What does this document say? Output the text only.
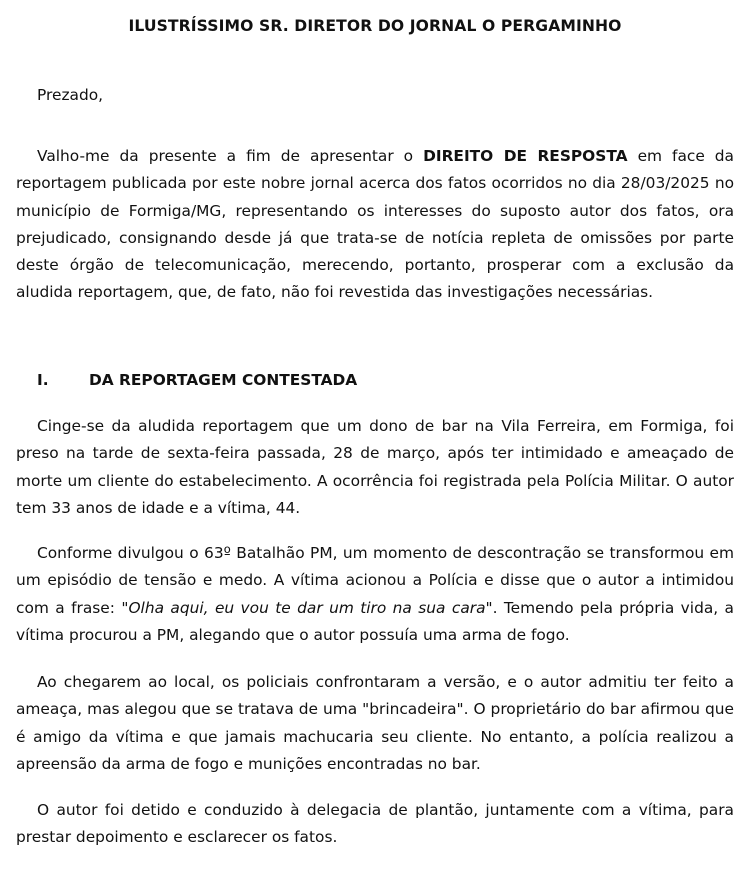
ILUSTRÍSSIMO SR. DIRETOR DO JORNAL O PERGAMINHO
Prezado,

Valho-me da presente a fim de apresentar o DIREITO DE RESPOSTA em face da reportagem publicada por este nobre jornal acerca dos fatos ocorridos no dia 28/03/2025 no município de Formiga/MG, representando os interesses do suposto autor dos fatos, ora prejudicado, consignando desde já que trata-se de notícia repleta de omissões por parte deste órgão de telecomunicação, merecendo, portanto, prosperar com a exclusão da aludida reportagem, que, de fato, não foi revestida das investigações necessárias.

I.	DA REPORTAGEM CONTESTADA

Cinge-se da aludida reportagem que um dono de bar na Vila Ferreira, em Formiga, foi preso na tarde de sexta-feira passada, 28 de março, após ter intimidado e ameaçado de morte um cliente do estabelecimento. A ocorrência foi registrada pela Polícia Militar. O autor tem 33 anos de idade e a vítima, 44.

Conforme divulgou o 63º Batalhão PM, um momento de descontração se transformou em um episódio de tensão e medo. A vítima acionou a Polícia e disse que o autor a intimidou com a frase: "Olha aqui, eu vou te dar um tiro na sua cara". Temendo pela própria vida, a vítima procurou a PM, alegando que o autor possuía uma arma de fogo.

Ao chegarem ao local, os policiais confrontaram a versão, e o autor admitiu ter feito a ameaça, mas alegou que se tratava de uma "brincadeira". O proprietário do bar afirmou que é amigo da vítima e que jamais machucaria seu cliente. No entanto, a polícia realizou a apreensão da arma de fogo e munições encontradas no bar.

O autor foi detido e conduzido à delegacia de plantão, juntamente com a vítima, para prestar depoimento e esclarecer os fatos.
